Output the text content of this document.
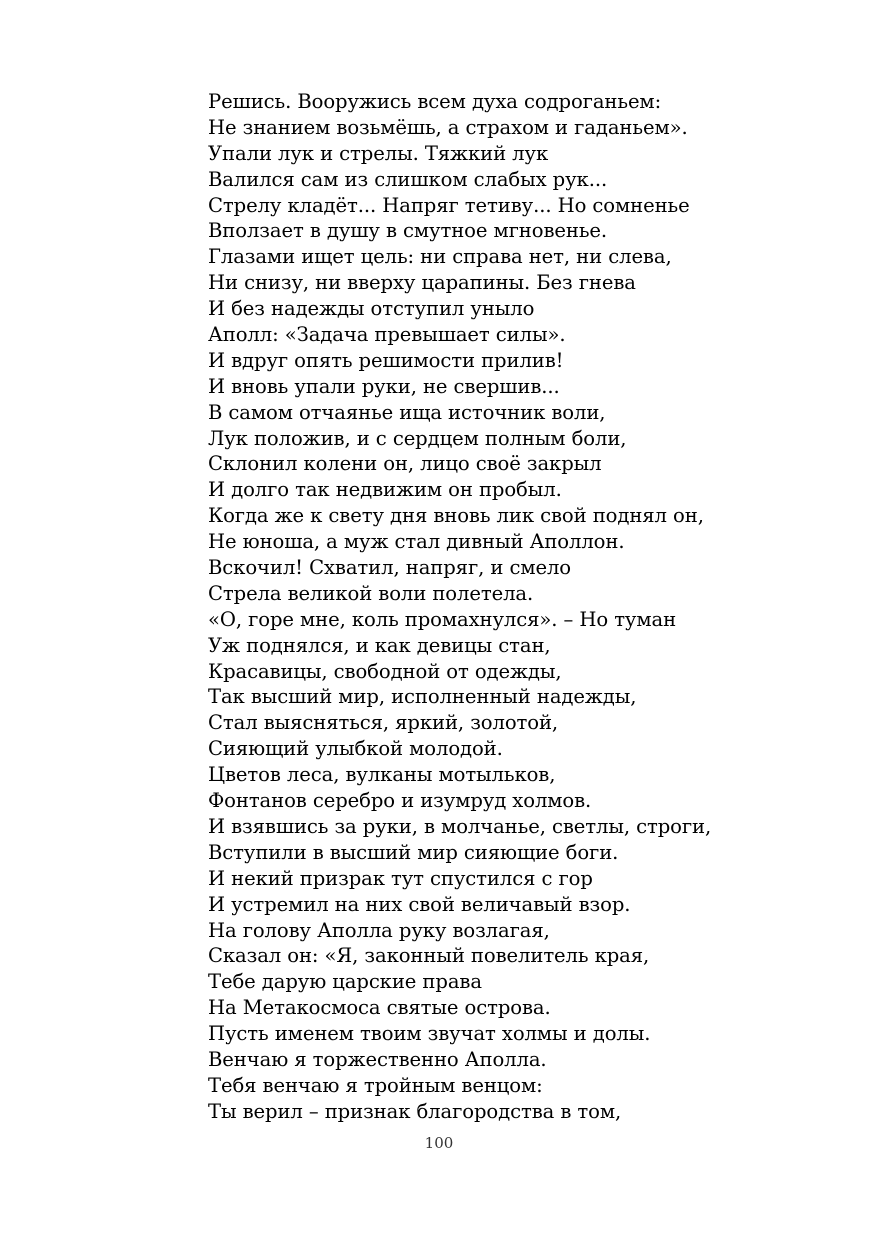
Решись. Вооружись всем духа содроганьем:
Не знанием возьмёшь, а страхом и гаданьем».
Упали лук и стрелы. Тяжкий лук
Валился сам из слишком слабых рук...
Стрелу кладёт... Напряг тетиву... Но сомненье
Вползает в душу в смутное мгновенье.
Глазами ищет цель: ни справа нет, ни слева,
Ни снизу, ни вверху царапины. Без гнева
И без надежды отступил уныло
Аполл: «Задача превышает силы».
И вдруг опять решимости прилив!
И вновь упали руки, не свершив...
В самом отчаянье ища источник воли,
Лук положив, и с сердцем полным боли,
Склонил колени он, лицо своё закрыл
И долго так недвижим он пробыл.
Когда же к свету дня вновь лик свой поднял он,
Не юноша, а муж стал дивный Аполлон.
Вскочил! Схватил, напряг, и смело
Стрела великой воли полетела.
«О, горе мне, коль промахнулся». – Но туман
Уж поднялся, и как девицы стан,
Красавицы, свободной от одежды,
Так высший мир, исполненный надежды,
Стал выясняться, яркий, золотой,
Сияющий улыбкой молодой.
Цветов леса, вулканы мотыльков,
Фонтанов серебро и изумруд холмов.
И взявшись за руки, в молчанье, светлы, строги,
Вступили в высший мир сияющие боги.
И некий призрак тут спустился с гор
И устремил на них свой величавый взор.
На голову Аполла руку возлагая,
Сказал он: «Я, законный повелитель края,
Тебе дарую царские права
На Метакосмоса святые острова.
Пусть именем твоим звучат холмы и долы.
Венчаю я торжественно Аполла.
Тебя венчаю я тройным венцом:
Ты верил – признак благородства в том,
100
